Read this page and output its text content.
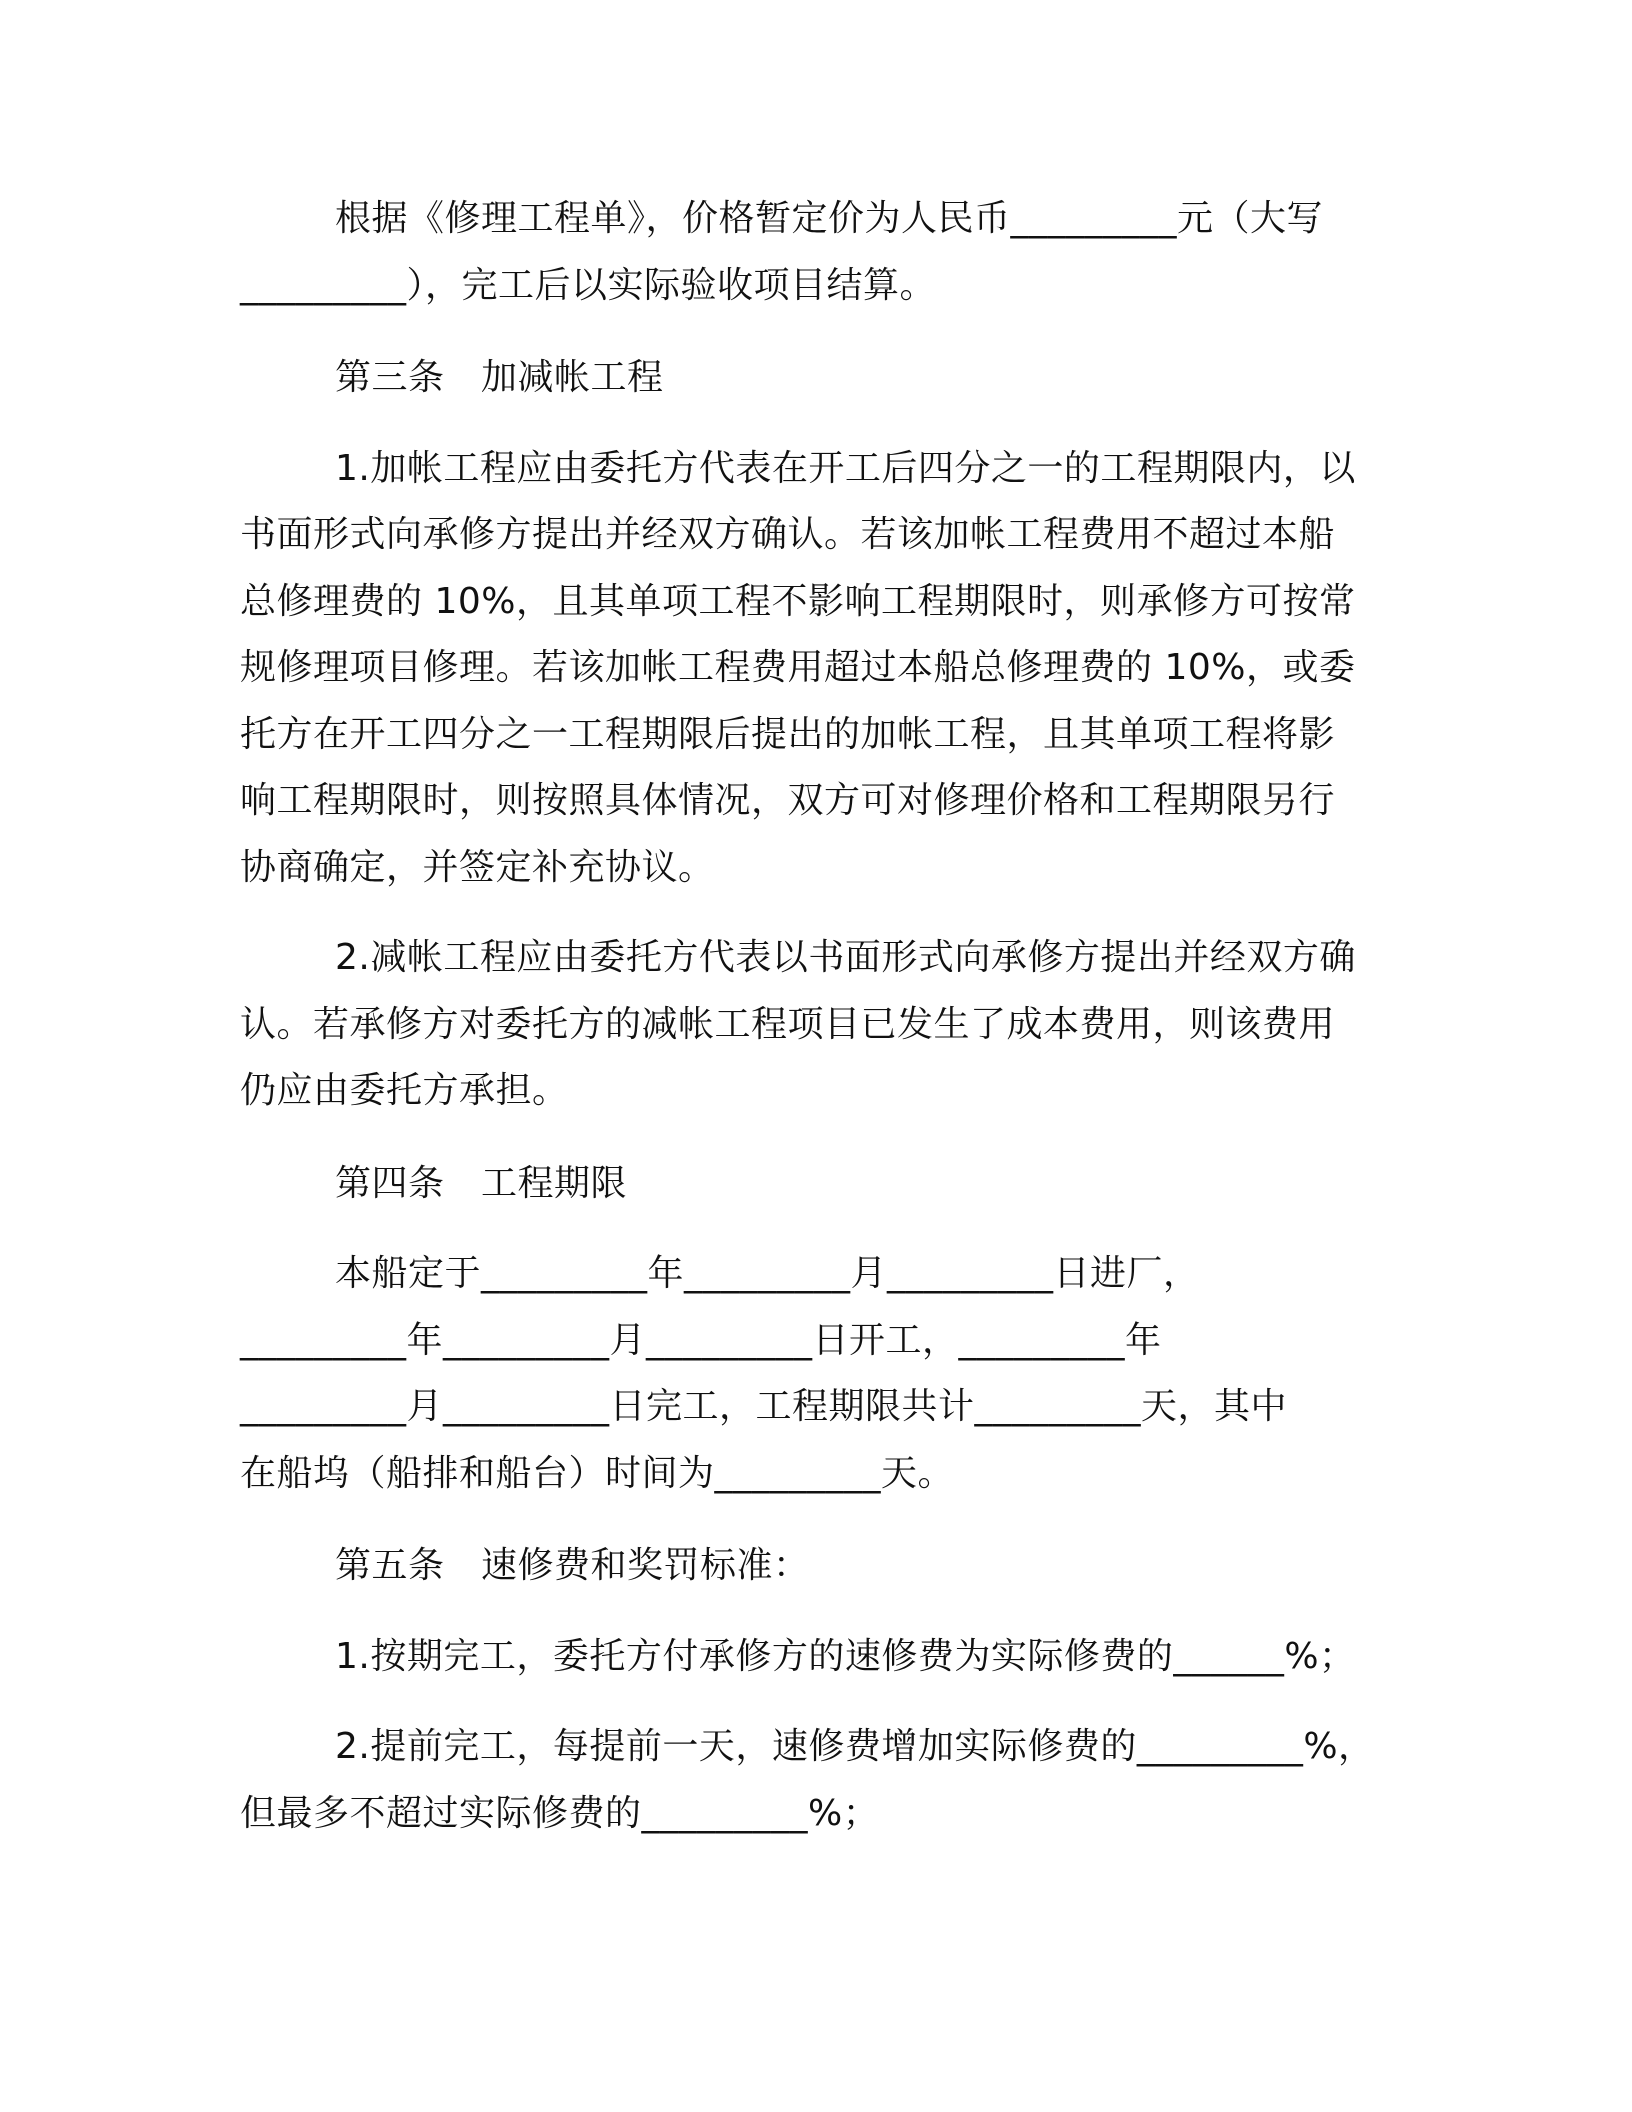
根据《修理工程单》，价格暂定价为人民币_________元（大写

_________），完工后以实际验收项目结算。

第三条　加减帐工程

1.加帐工程应由委托方代表在开工后四分之一的工程期限内，以

书面形式向承修方提出并经双方确认。若该加帐工程费用不超过本船

总修理费的 10%，且其单项工程不影响工程期限时，则承修方可按常

规修理项目修理。若该加帐工程费用超过本船总修理费的 10%，或委

托方在开工四分之一工程期限后提出的加帐工程，且其单项工程将影

响工程期限时，则按照具体情况，双方可对修理价格和工程期限另行

协商确定，并签定补充协议。

2.减帐工程应由委托方代表以书面形式向承修方提出并经双方确

认。若承修方对委托方的减帐工程项目已发生了成本费用，则该费用

仍应由委托方承担。

第四条　工程期限

本船定于_________年_________月_________日进厂，

_________年_________月_________日开工，_________年

_________月_________日完工，工程期限共计_________天，其中

在船坞（船排和船台）时间为_________天。

第五条　速修费和奖罚标准：

1.按期完工，委托方付承修方的速修费为实际修费的______%；

2.提前完工，每提前一天，速修费增加实际修费的_________%，

但最多不超过实际修费的_________%；
